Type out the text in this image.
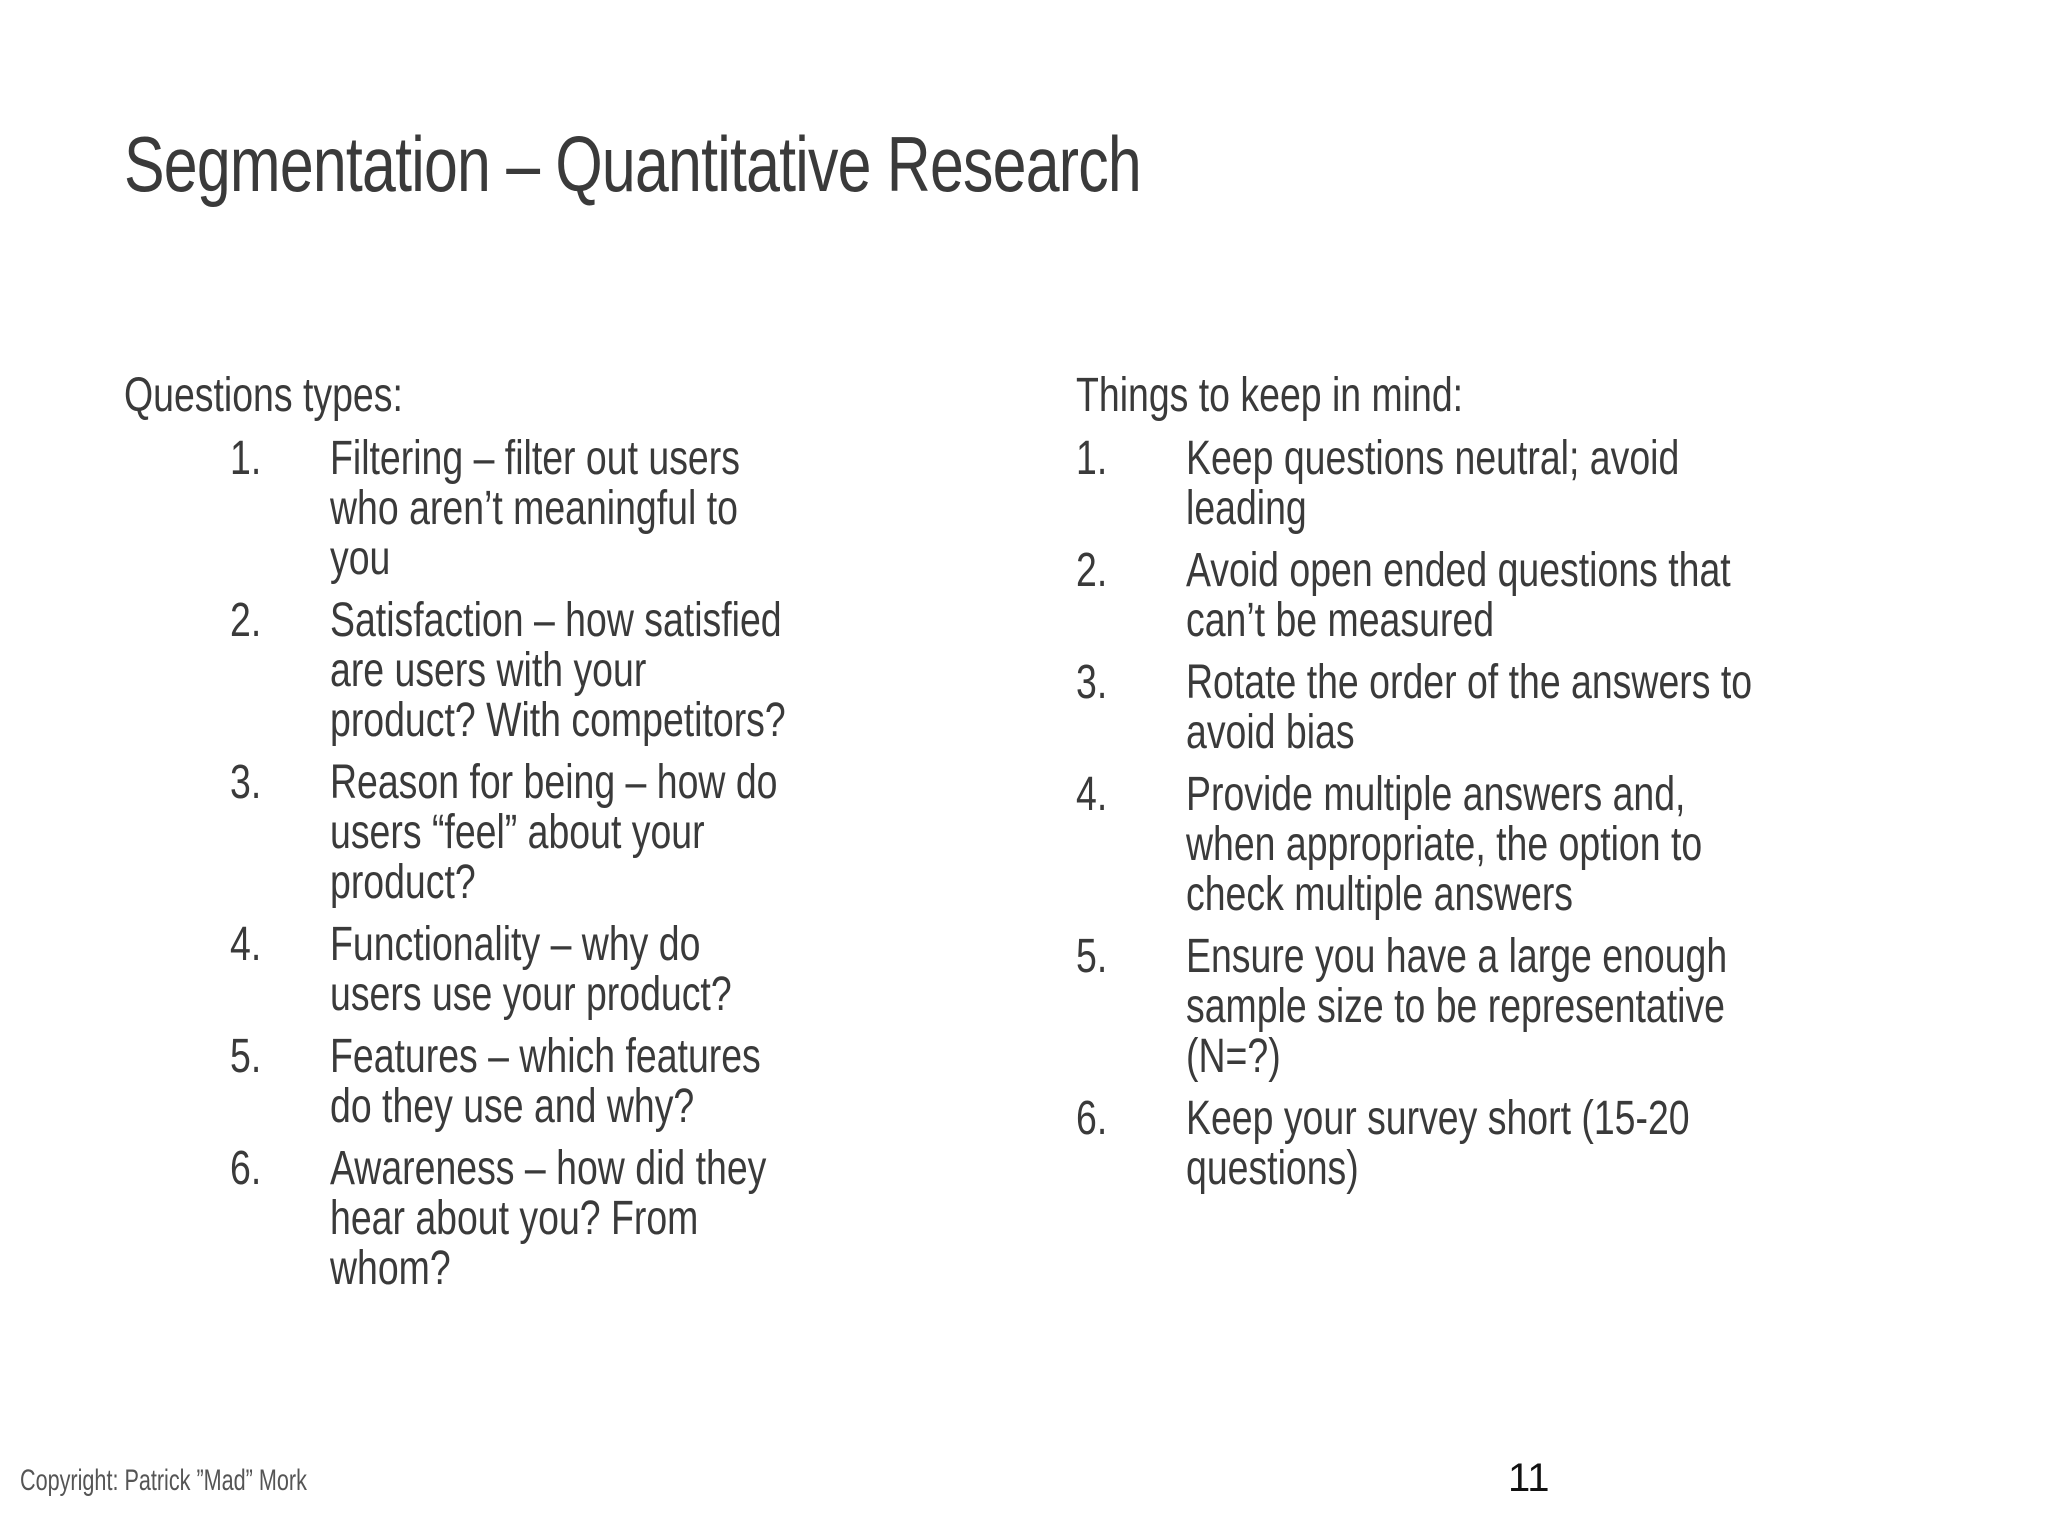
Segmentation – Quantitative Research
Questions types:
1.	Filtering – filter out users who aren’t meaningful to you
2.	Satisfaction – how satisfied are users with your product? With competitors?
3.	Reason for being – how do users “feel” about your product?
4.	Functionality – why do users use your product?
5.	Features – which features do they use and why?
6.	Awareness – how did they hear about you? From whom?
Things to keep in mind:
1.	Keep questions neutral; avoid leading
2.	Avoid open ended questions that can’t be measured
3.	Rotate the order of the answers to avoid bias
4.	Provide multiple answers and, when appropriate, the option to check multiple answers
5.	Ensure you have a large enough sample size to be representative (N=?)
6.	Keep your survey short (15-20 questions)
Copyright: Patrick ”Mad” Mork	11
